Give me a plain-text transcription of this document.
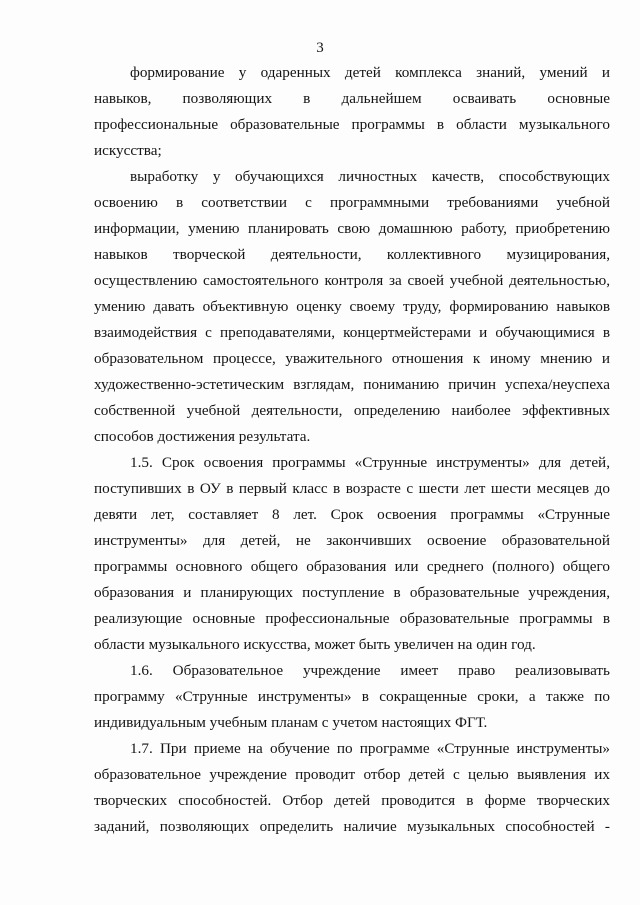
3
формирование у одаренных детей комплекса знаний, умений и
навыков, позволяющих в дальнейшем осваивать основные
профессиональные образовательные программы в области музыкального
искусства;
выработку у обучающихся личностных качеств, способствующих
освоению в соответствии с программными требованиями учебной
информации, умению планировать свою домашнюю работу, приобретению
навыков творческой деятельности, коллективного музицирования,
осуществлению самостоятельного контроля за своей учебной деятельностью,
умению давать объективную оценку своему труду, формированию навыков
взаимодействия с преподавателями, концертмейстерами и обучающимися в
образовательном процессе, уважительного отношения к иному мнению и
художественно-эстетическим взглядам, пониманию причин успеха/неуспеха
собственной учебной деятельности, определению наиболее эффективных
способов достижения результата.
1.5. Срок освоения программы «Струнные инструменты» для детей,
поступивших в ОУ в первый класс в возрасте с шести лет шести месяцев до
девяти лет, составляет 8 лет. Срок освоения программы «Струнные
инструменты» для детей, не закончивших освоение образовательной
программы основного общего образования или среднего (полного) общего
образования и планирующих поступление в образовательные учреждения,
реализующие основные профессиональные образовательные программы в
области музыкального искусства, может быть увеличен на один год.
1.6. Образовательное учреждение имеет право реализовывать
программу «Струнные инструменты» в сокращенные сроки, а также по
индивидуальным учебным планам с учетом настоящих ФГТ.
1.7. При приеме на обучение по программе «Струнные инструменты»
образовательное учреждение проводит отбор детей с целью выявления их
творческих способностей. Отбор детей проводится в форме творческих
заданий, позволяющих определить наличие музыкальных способностей -
